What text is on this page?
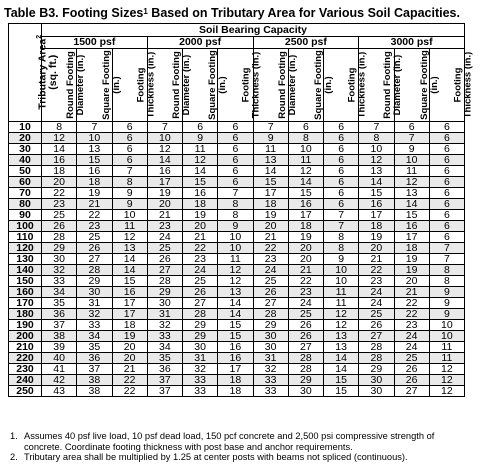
Table B3. Footing Sizes$^1$ Based on Tributary Area for Various Soil Capacities.
Tributary Area$^2$
(sq. ft.)	Soil Bearing Capacity											
	1500 psf			2000 psf			2500 psf			3000 psf		

	Round Footing Diameter (in.)	Square Footing (in.)	Footing Thickness (in.)	Round Footing Diameter (in.)	Square Footing (in.)	Footing Thickness (in.)	Round Footing Diameter (in.)	Square Footing (in.)	Footing Thickness (in.)	Round Footing Diameter (in.)	Square Footing (in.)	Footing Thickness (in.)

10	8	7	6	7	6	6	7	6	6	7	6	6
20	12	10	6	10	9	6	9	8	6	8	7	6
30	14	13	6	12	11	6	11	10	6	10	9	6
40	16	15	6	14	12	6	13	11	6	12	10	6
50	18	16	7	16	14	6	14	12	6	13	11	6
60	20	18	8	17	15	6	15	14	6	14	12	6
70	22	19	9	19	16	7	17	15	6	15	13	6
80	23	21	9	20	18	8	18	16	6	16	14	6
90	25	22	10	21	19	8	19	17	7	17	15	6
100	26	23	11	23	20	9	20	18	7	18	16	6
110	28	25	12	24	21	10	21	19	8	19	17	6
120	29	26	13	25	22	10	22	20	8	20	18	7
130	30	27	14	26	23	11	23	20	9	21	19	7
140	32	28	14	27	24	12	24	21	10	22	19	8
150	33	29	15	28	25	12	25	22	10	23	20	8
160	34	30	16	29	26	13	26	23	11	24	21	9
170	35	31	17	30	27	14	27	24	11	24	22	9
180	36	32	17	31	28	14	28	25	12	25	22	9
190	37	33	18	32	29	15	29	26	12	26	23	10
200	38	34	19	33	29	15	30	26	13	27	24	10
210	39	35	20	34	30	16	30	27	13	28	24	11
220	40	36	20	35	31	16	31	28	14	28	25	11
230	41	37	21	36	32	17	32	28	14	29	26	12
240	42	38	22	37	33	18	33	29	15	30	26	12
250	43	38	22	37	33	18	33	30	15	30	27	12
1. Assumes 40 psf live load, 10 psf dead load, 150 pcf concrete and 2,500 psi compressive strength of concrete. Coordinate footing thickness with post base and anchor requirements.
2. Tributary area shall be multiplied by 1.25 at center posts with beams not spliced (continuous).
